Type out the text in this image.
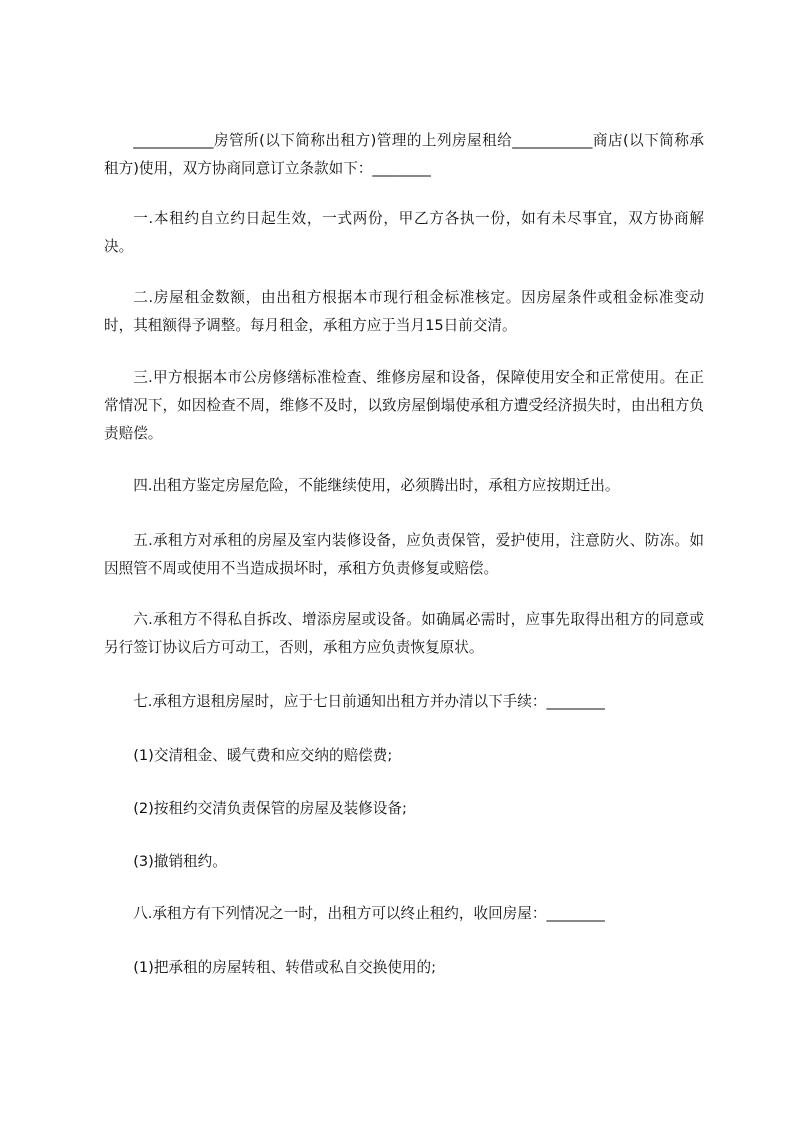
___________房管所(以下简称出租方)管理的上列房屋租给___________商店(以下简称承租方)使用，双方协商同意订立条款如下：________

一.本租约自立约日起生效，一式两份，甲乙方各执一份，如有未尽事宜，双方协商解决。

二.房屋租金数额，由出租方根据本市现行租金标准核定。因房屋条件或租金标准变动时，其租额得予调整。每月租金，承租方应于当月15日前交清。

三.甲方根据本市公房修缮标准检查、维修房屋和设备，保障使用安全和正常使用。在正常情况下，如因检查不周，维修不及时，以致房屋倒塌使承租方遭受经济损失时，由出租方负责赔偿。

四.出租方鉴定房屋危险，不能继续使用，必须腾出时，承租方应按期迁出。

五.承租方对承租的房屋及室内装修设备，应负责保管，爱护使用，注意防火、防冻。如因照管不周或使用不当造成损坏时，承租方负责修复或赔偿。

六.承租方不得私自拆改、增添房屋或设备。如确属必需时，应事先取得出租方的同意或另行签订协议后方可动工，否则，承租方应负责恢复原状。

七.承租方退租房屋时，应于七日前通知出租方并办清以下手续：________

(1)交清租金、暖气费和应交纳的赔偿费;

(2)按租约交清负责保管的房屋及装修设备;

(3)撤销租约。

八.承租方有下列情况之一时，出租方可以终止租约，收回房屋：________

(1)把承租的房屋转租、转借或私自交换使用的;
